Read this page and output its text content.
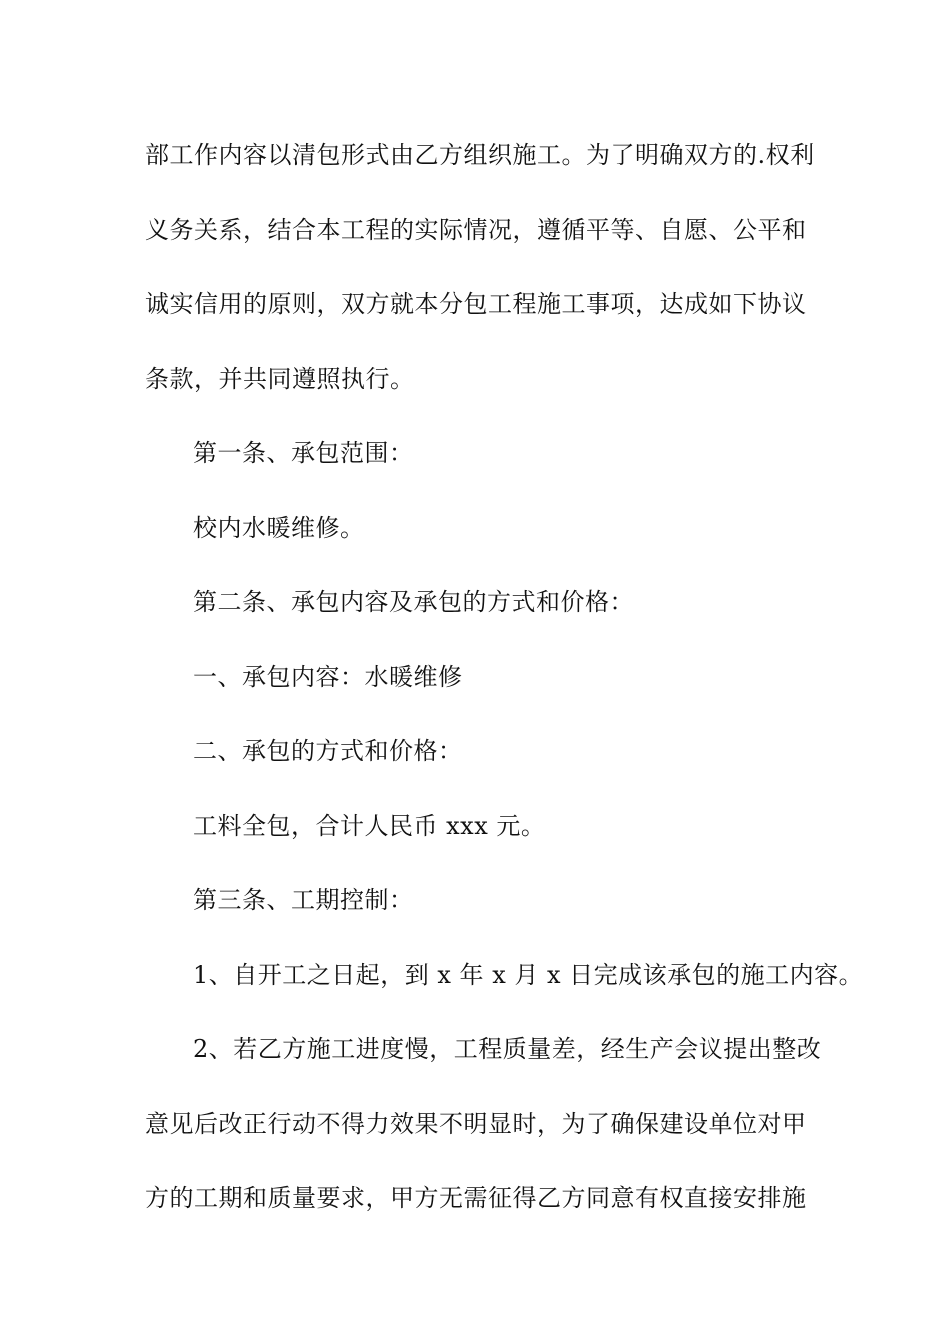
部工作内容以清包形式由乙方组织施工。为了明确双方的.权利

义务关系，结合本工程的实际情况，遵循平等、自愿、公平和

诚实信用的原则，双方就本分包工程施工事项，达成如下协议

条款，并共同遵照执行。

第一条、承包范围：

校内水暖维修。

第二条、承包内容及承包的方式和价格：

一、承包内容：水暖维修

二、承包的方式和价格：

工料全包，合计人民币 xxx 元。

第三条、工期控制：

1、自开工之日起，到 x 年 x 月 x 日完成该承包的施工内容。

2、若乙方施工进度慢，工程质量差，经生产会议提出整改

意见后改正行动不得力效果不明显时，为了确保建设单位对甲

方的工期和质量要求，甲方无需征得乙方同意有权直接安排施
